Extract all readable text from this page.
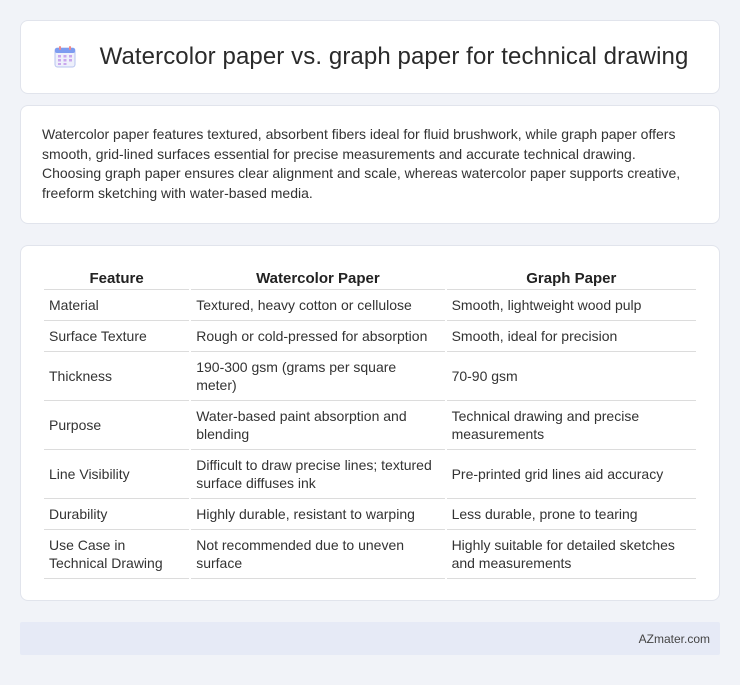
Watercolor paper vs. graph paper for technical drawing

Watercolor paper features textured, absorbent fibers ideal for fluid brushwork, while graph paper offers smooth, grid-lined surfaces essential for precise measurements and accurate technical drawing. Choosing graph paper ensures clear alignment and scale, whereas watercolor paper supports creative, freeform sketching with water-based media.

Feature	Watercolor Paper	Graph Paper
Material	Textured, heavy cotton or cellulose	Smooth, lightweight wood pulp
Surface Texture	Rough or cold-pressed for absorption	Smooth, ideal for precision
Thickness	190-300 gsm (grams per square meter)	70-90 gsm
Purpose	Water-based paint absorption and blending	Technical drawing and precise measurements
Line Visibility	Difficult to draw precise lines; textured surface diffuses ink	Pre-printed grid lines aid accuracy
Durability	Highly durable, resistant to warping	Less durable, prone to tearing
Use Case in Technical Drawing	Not recommended due to uneven surface	Highly suitable for detailed sketches and measurements
AZmater.com
